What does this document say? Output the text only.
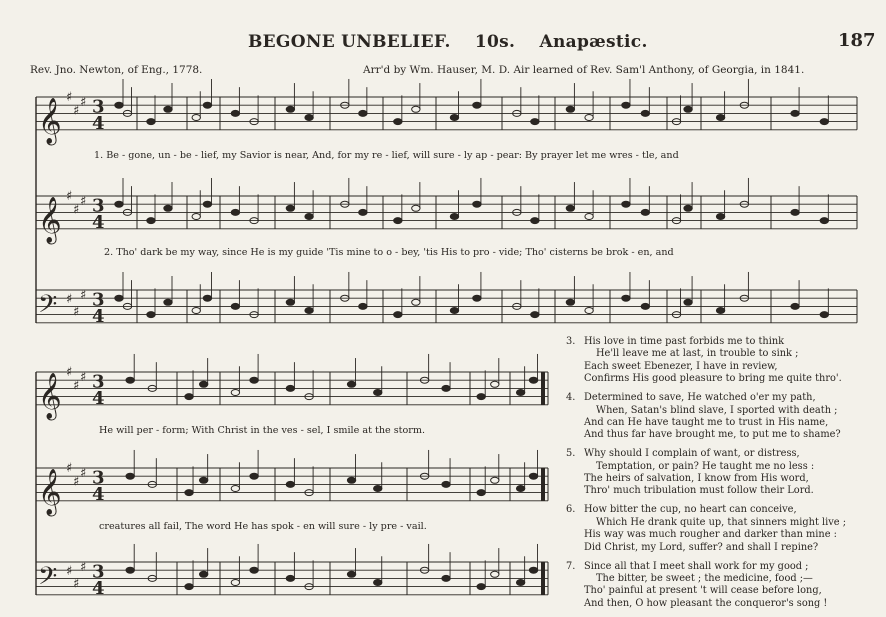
BEGONE UNBELIEF. 10s. Anapæstic.	187
Rev. Jno. Newton, of Eng., 1778.	Arr'd by Wm. Hauser, M. D. Air learned of Rev. Sam'l Anthony, of Georgia, in 1841.
𝄞
♯
♯
♯ 3
4
𝄞
♯
♯
♯ 3
4
𝄢 ♯
♯
♯ 3
4
𝄞
♯
♯
♯ 3
4
𝄞
♯
♯
♯ 3
4
𝄢 ♯
♯
♯ 3
4
1. Be - gone, un - be - lief, my Savior is near, And, for my re - lief, will sure - ly ap - pear: By prayer let me wres - tle, and
2. Tho' dark be my way, since He is my guide 'Tis mine to o - bey, 'tis His to pro - vide; Tho' cisterns be brok - en, and
He will per - form; With Christ in the ves - sel, I smile at the storm.
creatures all fail, The word He has spok - en will sure - ly pre - vail.
3. His love in time past forbids me to think
He'll leave me at last, in trouble to sink ;
Each sweet Ebenezer, I have in review,
Confirms His good pleasure to bring me quite thro'.
4. Determined to save, He watched o'er my path,
When, Satan's blind slave, I sported with death ;
And can He have taught me to trust in His name,
And thus far have brought me, to put me to shame?
5. Why should I complain of want, or distress,
Temptation, or pain? He taught me no less :
The heirs of salvation, I know from His word,
Thro' much tribulation must follow their Lord.
6. How bitter the cup, no heart can conceive,
Which He drank quite up, that sinners might live ;
His way was much rougher and darker than mine :
Did Christ, my Lord, suffer? and shall I repine?
7. Since all that I meet shall work for my good ;
The bitter, be sweet ; the medicine, food ;—
Tho' painful at present 't will cease before long,
And then, O how pleasant the conqueror's song !
